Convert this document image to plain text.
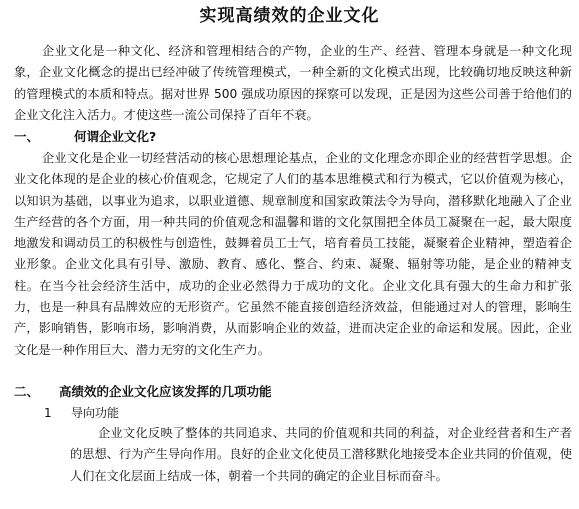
实现高绩效的企业文化

企业文化是一种文化、经济和管理相结合的产物，企业的生产、经营、管理本身就是一种文化现象，企业文化概念的提出已经冲破了传统管理模式，一种全新的文化模式出现，比较确切地反映这种新的管理模式的本质和特点。据对世界 500 强成功原因的探察可以发现，正是因为这些公司善于给他们的企业文化注入活力。才使这些一流公司保持了百年不衰。

一、	何谓企业文化?

企业文化是企业一切经营活动的核心思想理论基点，企业的文化理念亦即企业的经营哲学思想。企业文化体现的是企业的核心价值观念，它规定了人们的基本思维模式和行为模式，它以价值观为核心，以知识为基础，以事业为追求，以职业道德、规章制度和国家政策法令为导向，潜移默化地融入了企业生产经营的各个方面，用一种共同的价值观念和温馨和谐的文化氛围把全体员工凝聚在一起，最大限度地激发和调动员工的积极性与创造性，鼓舞着员工士气，培育着员工技能，凝聚着企业精神，塑造着企业形象。企业文化具有引导、激励、教育、感化、整合、约束、凝聚、辐射等功能，是企业的精神支柱。在当今社会经济生活中，成功的企业必然得力于成功的文化。企业文化具有强大的生命力和扩张力，也是一种具有品牌效应的无形资产。它虽然不能直接创造经济效益，但能通过对人的管理，影响生产，影响销售，影响市场，影响消费，从而影响企业的效益，进而决定企业的命运和发展。因此，企业文化是一种作用巨大、潜力无穷的文化生产力。

二、 高绩效的企业文化应该发挥的几项功能
1 导向功能

企业文化反映了整体的共同追求、共同的价值观和共同的利益，对企业经营者和生产者的思想、行为产生导向作用。良好的企业文化使员工潜移默化地接受本企业共同的价值观，使人们在文化层面上结成一体，朝着一个共同的确定的企业目标而奋斗。
